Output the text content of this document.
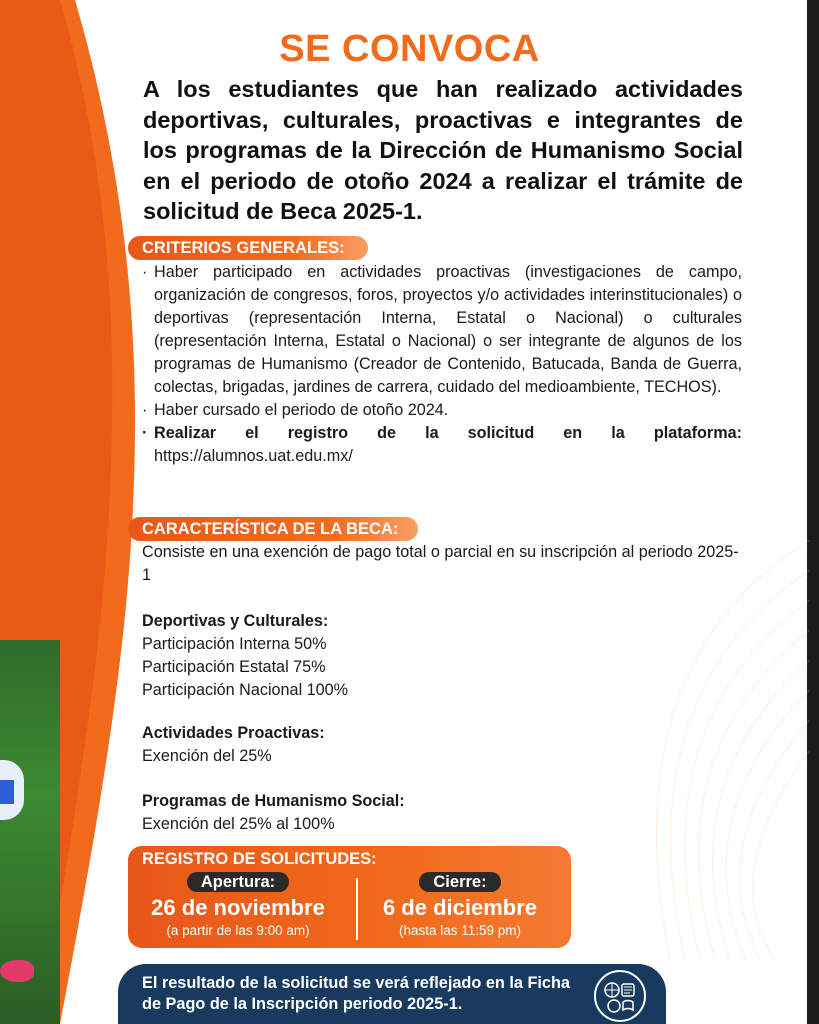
SE CONVOCA
A los estudiantes que han realizado actividades deportivas, culturales, proactivas e integrantes de los programas de la Dirección de Humanismo Social en el periodo de otoño 2024 a realizar el trámite de solicitud de Beca 2025-1.
CRITERIOS GENERALES:
· Haber participado en actividades proactivas (investigaciones de campo, organización de congresos, foros, proyectos y/o actividades interinstitucionales) o deportivas (representación Interna, Estatal o Nacional) o culturales (representación Interna, Estatal o Nacional) o ser integrante de algunos de los programas de Humanismo (Creador de Contenido, Batucada, Banda de Guerra, colectas, brigadas, jardines de carrera, cuidado del medioambiente, TECHOS).
· Haber cursado el periodo de otoño 2024.
· Realizar el registro de la solicitud en la plataforma: https://alumnos.uat.edu.mx/
CARACTERÍSTICA DE LA BECA:
Consiste en una exención de pago total o parcial en su inscripción al periodo 2025-1
Deportivas y Culturales:
Participación Interna 50%
Participación Estatal 75%
Participación Nacional 100%
Actividades Proactivas:
Exención del 25%
Programas de Humanismo Social:
Exención del 25% al 100%
REGISTRO DE SOLICITUDES:
Apertura:
26 de noviembre
(a partir de las 9:00 am)
Cierre:
6 de diciembre
(hasta las 11:59 pm)
El resultado de la solicitud se verá reflejado en la Ficha de Pago de la Inscripción periodo 2025-1.
